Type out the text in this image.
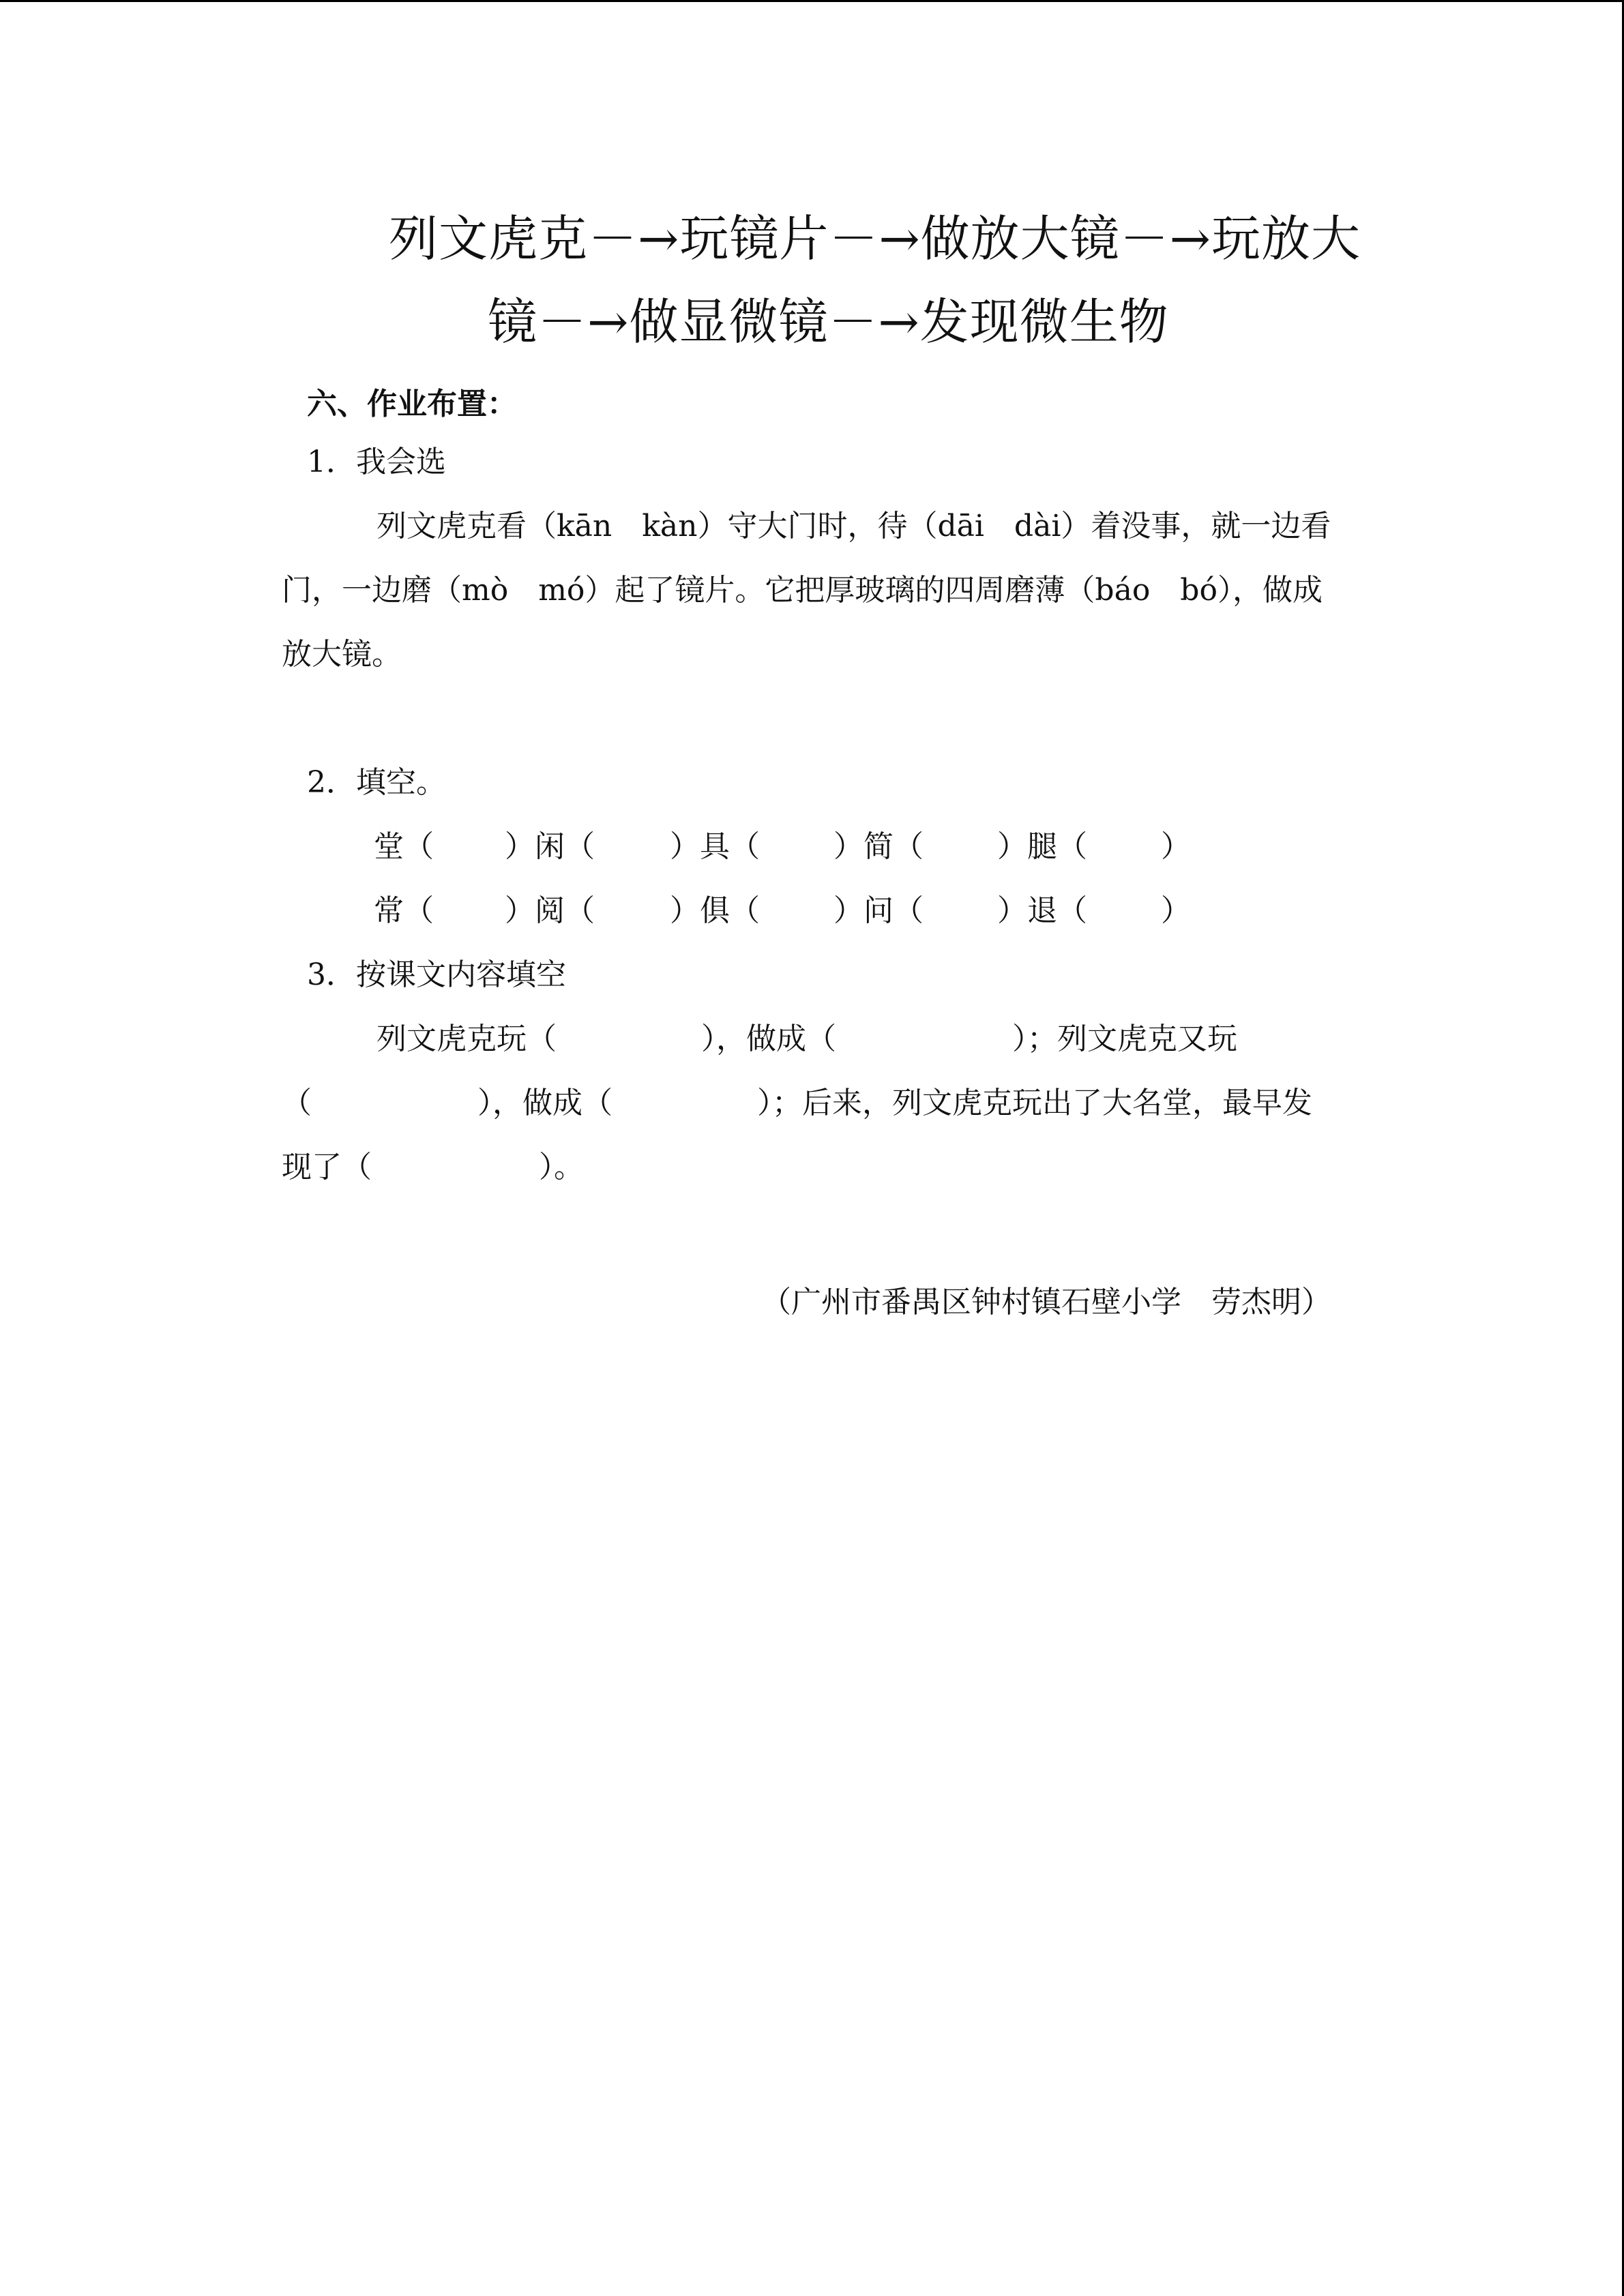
列文虎克－→玩镜片－→做放大镜－→玩放大
镜－→做显微镜－→发现微生物
六、作业布置：
1．我会选
列文虎克看（kān　kàn）守大门时，待（dāi　dài）着没事，就一边看
门，一边磨（mò　mó）起了镜片。它把厚玻璃的四周磨薄（báo　bó），做成
放大镜。
2．填空。
堂（ ）闲（	）具（ ）简（ ）腿（ ）
常（ ）阅（	）俱（ ）问（ ）退（ ）
3．按课文内容填空
列文虎克玩（	），做成（	）；列文虎克又玩
（	），做成（	）；后来，列文虎克玩出了大名堂，最早发
现了（	）。
（广州市番禺区钟村镇石壁小学　劳杰明）
